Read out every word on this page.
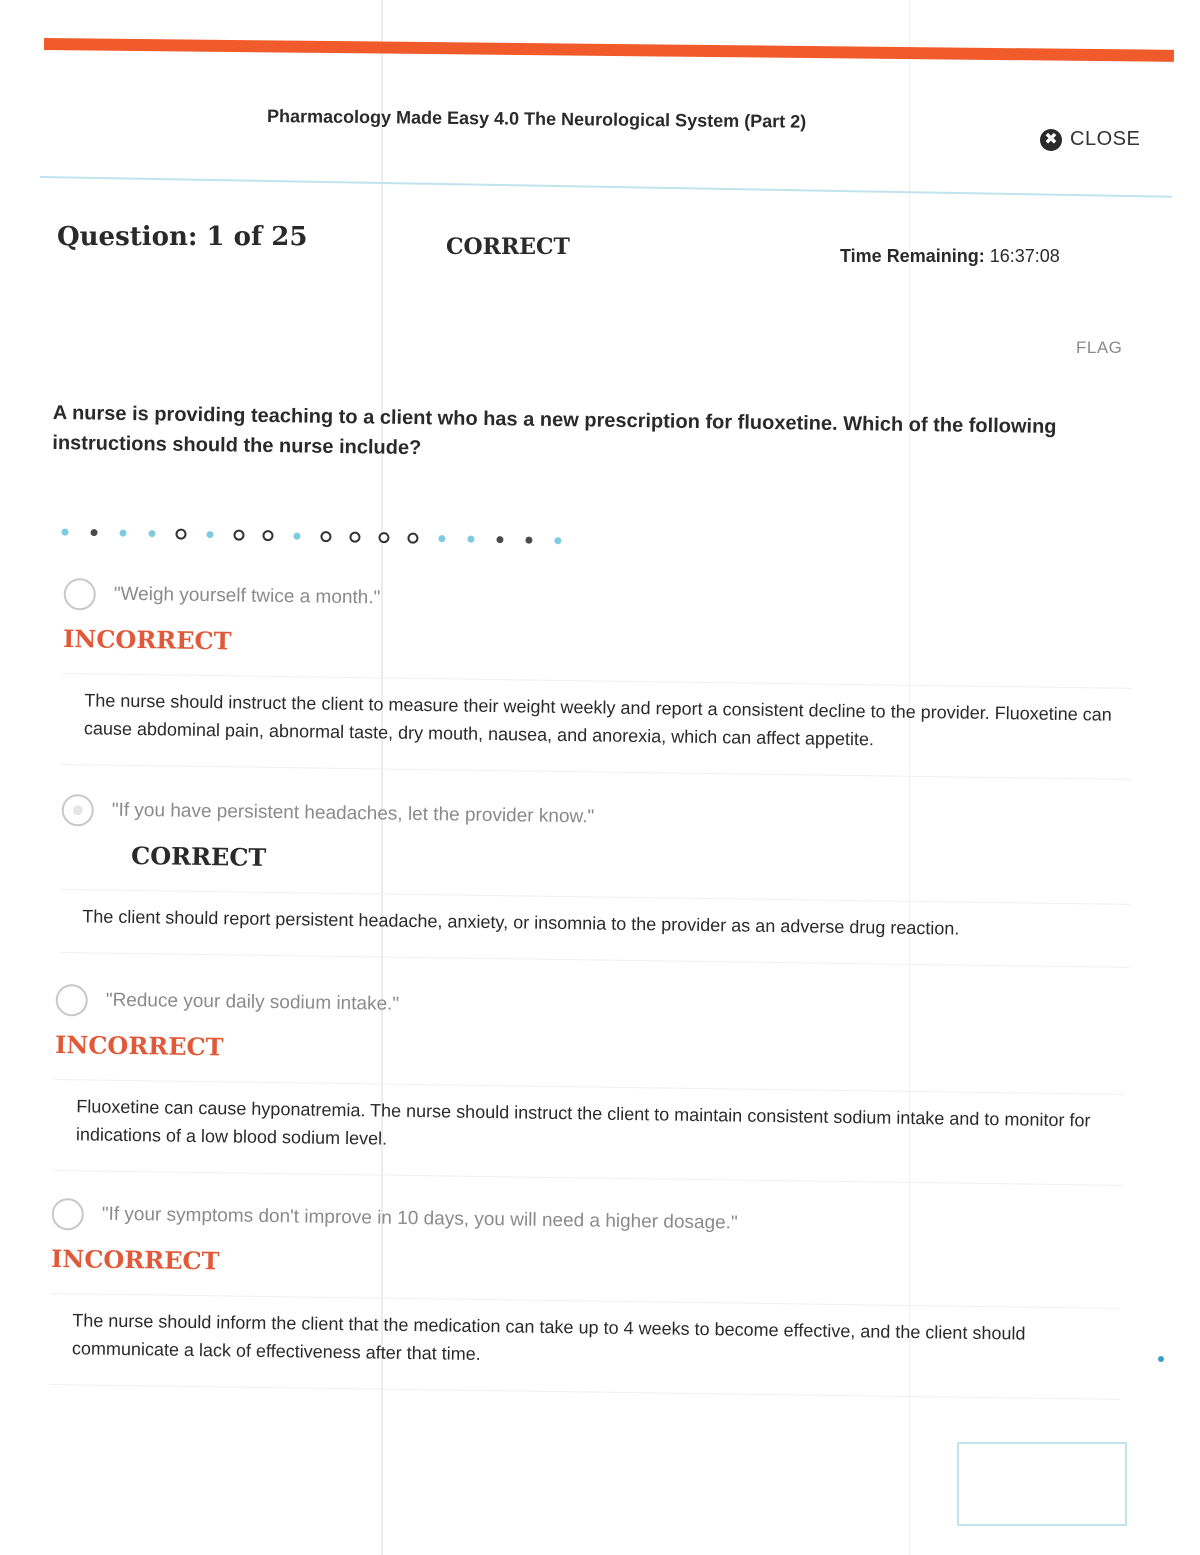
Pharmacology Made Easy 4.0 The Neurological System (Part 2)
✖ CLOSE
Question: 1 of 25	CORRECT	Time Remaining: 16:37:08
FLAG
A nurse is providing teaching to a client who has a new prescription for fluoxetine. Which of the following instructions should the nurse include?
"Weigh yourself twice a month."
INCORRECT
The nurse should instruct the client to measure their weight weekly and report a consistent decline to the provider. Fluoxetine can cause abdominal pain, abnormal taste, dry mouth, nausea, and anorexia, which can affect appetite.
"If you have persistent headaches, let the provider know."
CORRECT
The client should report persistent headache, anxiety, or insomnia to the provider as an adverse drug reaction.
"Reduce your daily sodium intake."
INCORRECT
Fluoxetine can cause hyponatremia. The nurse should instruct the client to maintain consistent sodium intake and to monitor for indications of a low blood sodium level.
"If your symptoms don't improve in 10 days, you will need a higher dosage."
INCORRECT
The nurse should inform the client that the medication can take up to 4 weeks to become effective, and the client should communicate a lack of effectiveness after that time.
